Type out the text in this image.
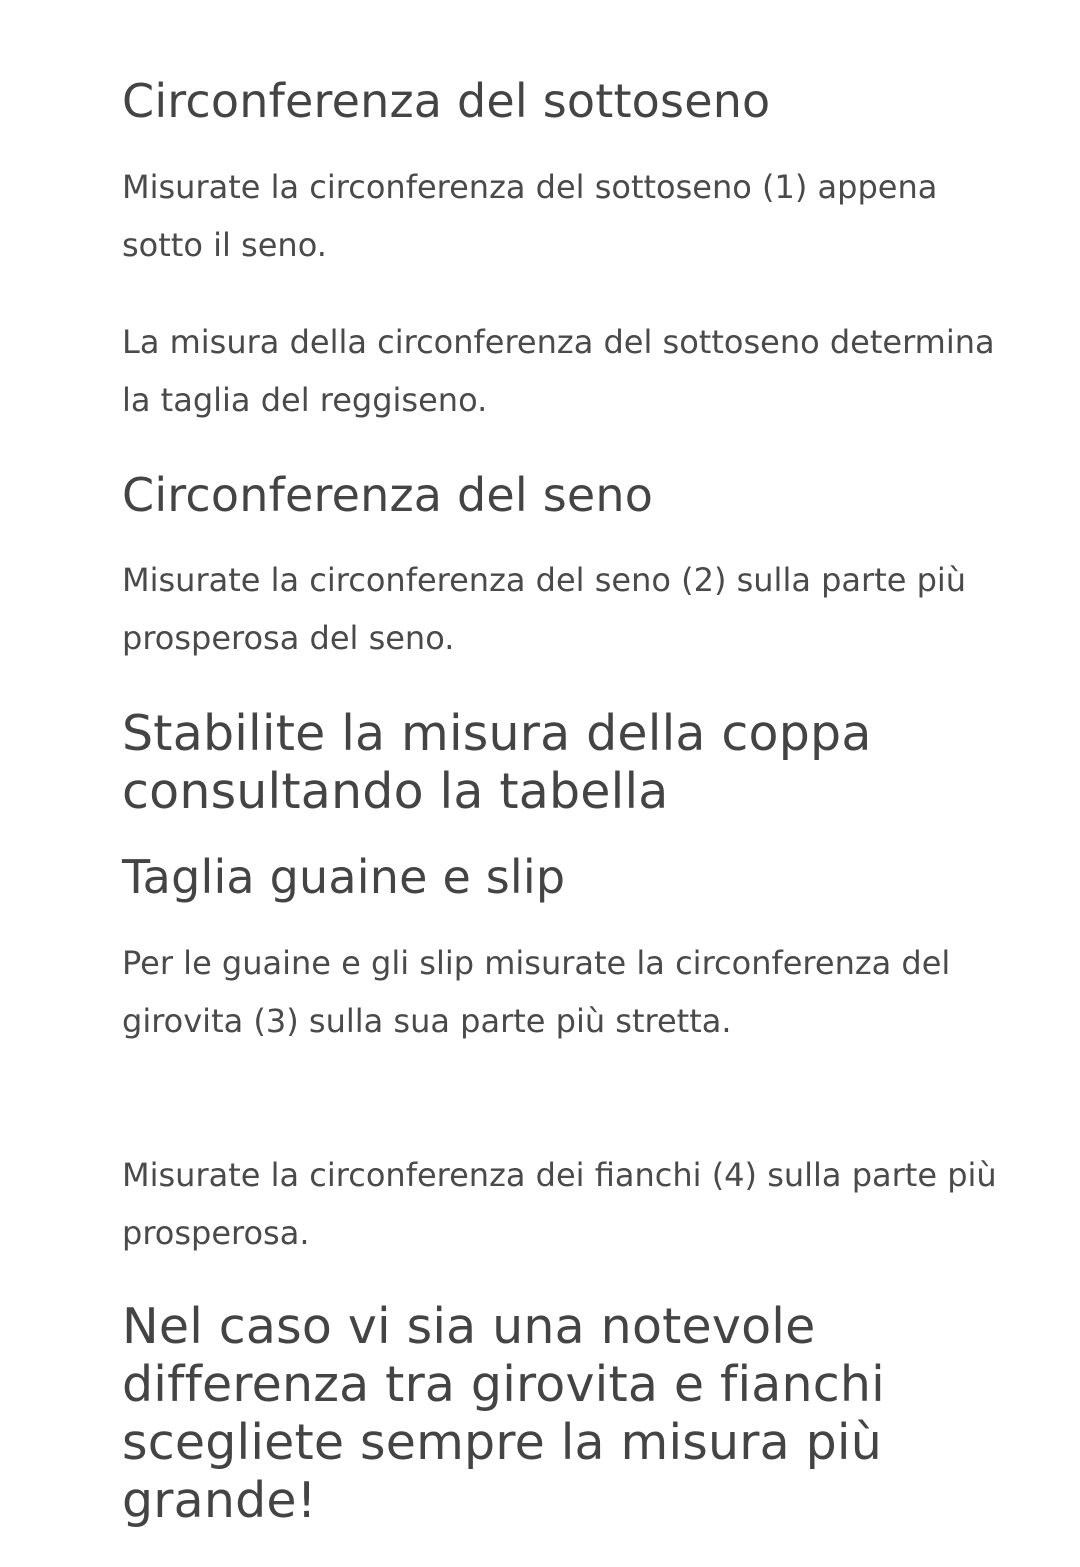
Circonferenza del sottoseno

Misurate la circonferenza del sottoseno (1) appena sotto il seno.

La misura della circonferenza del sottoseno determina la taglia del reggiseno.

Circonferenza del seno

Misurate la circonferenza del seno (2) sulla parte più prosperosa del seno.

Stabilite la misura della coppa consultando la tabella
Taglia guaine e slip

Per le guaine e gli slip misurate la circonferenza del girovita (3) sulla sua parte più stretta.

Misurate la circonferenza dei fianchi (4) sulla parte più prosperosa.

Nel caso vi sia una notevole differenza tra girovita e fianchi scegliete sempre la misura più grande!
